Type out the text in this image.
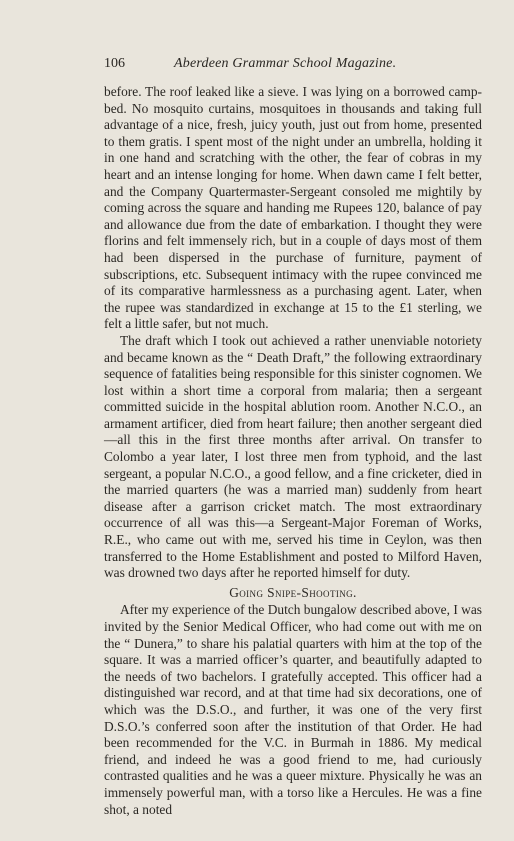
106	Aberdeen Grammar School Magazine.

before. The roof leaked like a sieve. I was lying on a borrowed camp-bed. No mosquito curtains, mosquitoes in thousands and taking full advantage of a nice, fresh, juicy youth, just out from home, presented to them gratis. I spent most of the night under an umbrella, holding it in one hand and scratching with the other, the fear of cobras in my heart and an intense longing for home. When dawn came I felt better, and the Company Quartermaster-Sergeant consoled me mightily by coming across the square and handing me Rupees 120, balance of pay and allowance due from the date of embarkation. I thought they were florins and felt immensely rich, but in a couple of days most of them had been dispersed in the purchase of furniture, payment of subscriptions, etc. Subsequent intimacy with the rupee convinced me of its comparative harmlessness as a purchasing agent. Later, when the rupee was standardized in exchange at 15 to the £1 sterling, we felt a little safer, but not much.

The draft which I took out achieved a rather unenviable notoriety and became known as the “ Death Draft,” the following extraordinary sequence of fatalities being responsible for this sinister cognomen. We lost within a short time a corporal from malaria; then a sergeant committed suicide in the hospital ablution room. Another N.C.O., an armament artificer, died from heart failure; then another sergeant died—all this in the first three months after arrival. On transfer to Colombo a year later, I lost three men from typhoid, and the last sergeant, a popular N.C.O., a good fellow, and a fine cricketer, died in the married quarters (he was a married man) suddenly from heart disease after a garrison cricket match. The most extraordinary occurrence of all was this—a Sergeant-Major Foreman of Works, R.E., who came out with me, served his time in Ceylon, was then transferred to the Home Establishment and posted to Milford Haven, was drowned two days after he reported himself for duty.

Going Snipe-Shooting.

After my experience of the Dutch bungalow described above, I was invited by the Senior Medical Officer, who had come out with me on the “ Dunera,” to share his palatial quarters with him at the top of the square. It was a married officer’s quarter, and beautifully adapted to the needs of two bachelors. I gratefully accepted. This officer had a distinguished war record, and at that time had six decorations, one of which was the D.S.O., and further, it was one of the very first D.S.O.’s conferred soon after the institution of that Order. He had been recommended for the V.C. in Burmah in 1886. My medical friend, and indeed he was a good friend to me, had curiously contrasted qualities and he was a queer mixture. Physically he was an immensely powerful man, with a torso like a Hercules. He was a fine shot, a noted
